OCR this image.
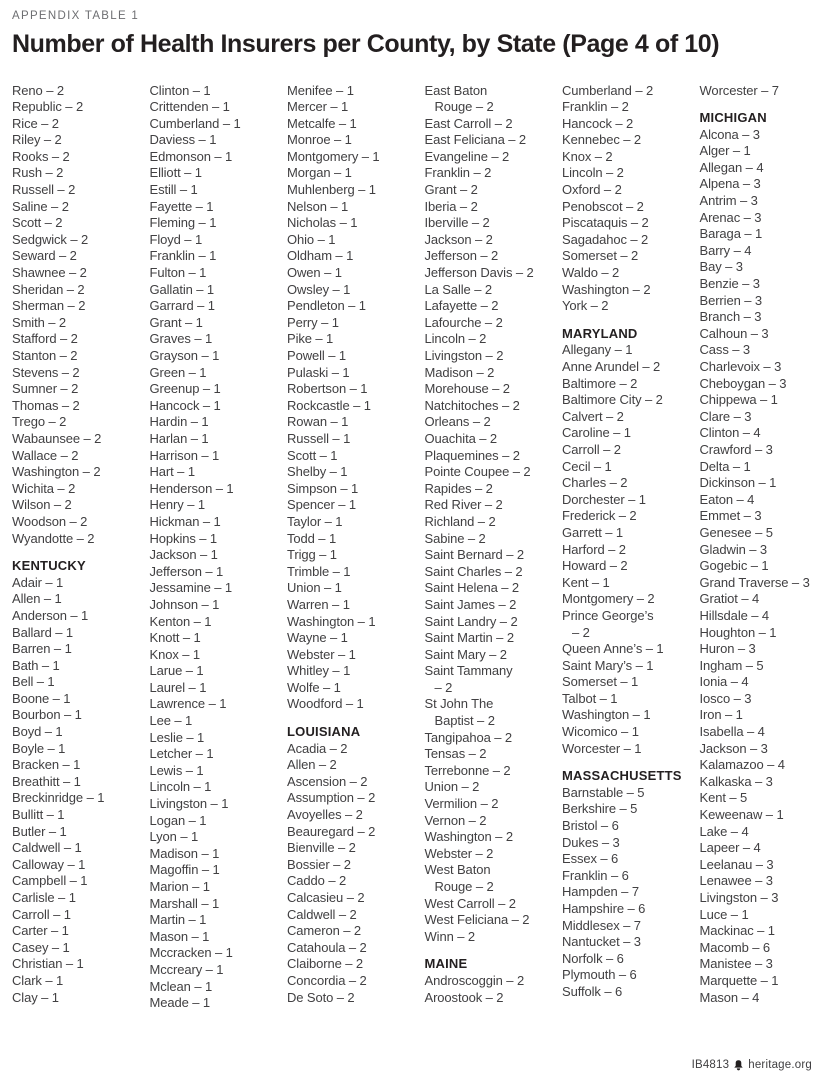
APPENDIX TABLE 1
Number of Health Insurers per County, by State (Page 4 of 10)
Reno – 2
Republic – 2
Rice – 2
Riley – 2
Rooks – 2
Rush – 2
Russell – 2
Saline – 2
Scott – 2
Sedgwick – 2
Seward – 2
Shawnee – 2
Sheridan – 2
Sherman – 2
Smith – 2
Stafford – 2
Stanton – 2
Stevens – 2
Sumner – 2
Thomas – 2
Trego – 2
Wabaunsee – 2
Wallace – 2
Washington – 2
Wichita – 2
Wilson – 2
Woodson – 2
Wyandotte – 2
KENTUCKY
Adair – 1
Allen – 1
Anderson – 1
Ballard – 1
Barren – 1
Bath – 1
Bell – 1
Boone – 1
Bourbon – 1
Boyd – 1
Boyle – 1
Bracken – 1
Breathitt – 1
Breckinridge – 1
Bullitt – 1
Butler – 1
Caldwell – 1
Calloway – 1
Campbell – 1
Carlisle – 1
Carroll – 1
Carter – 1
Casey – 1
Christian – 1
Clark – 1
Clay – 1
Clinton – 1
Crittenden – 1
Cumberland – 1
Daviess – 1
Edmonson – 1
Elliott – 1
Estill – 1
Fayette – 1
Fleming – 1
Floyd – 1
Franklin – 1
Fulton – 1
Gallatin – 1
Garrard – 1
Grant – 1
Graves – 1
Grayson – 1
Green – 1
Greenup – 1
Hancock – 1
Hardin – 1
Harlan – 1
Harrison – 1
Hart – 1
Henderson – 1
Henry – 1
Hickman – 1
Hopkins – 1
Jackson – 1
Jefferson – 1
Jessamine – 1
Johnson – 1
Kenton – 1
Knott – 1
Knox – 1
Larue – 1
Laurel – 1
Lawrence – 1
Lee – 1
Leslie – 1
Letcher – 1
Lewis – 1
Lincoln – 1
Livingston – 1
Logan – 1
Lyon – 1
Madison – 1
Magoffin – 1
Marion – 1
Marshall – 1
Martin – 1
Mason – 1
Mccracken – 1
Mccreary – 1
Mclean – 1
Meade – 1
Menifee – 1
Mercer – 1
Metcalfe – 1
Monroe – 1
Montgomery – 1
Morgan – 1
Muhlenberg – 1
Nelson – 1
Nicholas – 1
Ohio – 1
Oldham – 1
Owen – 1
Owsley – 1
Pendleton – 1
Perry – 1
Pike – 1
Powell – 1
Pulaski – 1
Robertson – 1
Rockcastle – 1
Rowan – 1
Russell – 1
Scott – 1
Shelby – 1
Simpson – 1
Spencer – 1
Taylor – 1
Todd – 1
Trigg – 1
Trimble – 1
Union – 1
Warren – 1
Washington – 1
Wayne – 1
Webster – 1
Whitley – 1
Wolfe – 1
Woodford – 1
LOUISIANA
Acadia – 2
Allen – 2
Ascension – 2
Assumption – 2
Avoyelles – 2
Beauregard – 2
Bienville – 2
Bossier – 2
Caddo – 2
Calcasieu – 2
Caldwell – 2
Cameron – 2
Catahoula – 2
Claiborne – 2
Concordia – 2
De Soto – 2
East Baton
Rouge – 2
East Carroll – 2
East Feliciana – 2
Evangeline – 2
Franklin – 2
Grant – 2
Iberia – 2
Iberville – 2
Jackson – 2
Jefferson – 2
Jefferson Davis – 2
La Salle – 2
Lafayette – 2
Lafourche – 2
Lincoln – 2
Livingston – 2
Madison – 2
Morehouse – 2
Natchitoches – 2
Orleans – 2
Ouachita – 2
Plaquemines – 2
Pointe Coupee – 2
Rapides – 2
Red River – 2
Richland – 2
Sabine – 2
Saint Bernard – 2
Saint Charles – 2
Saint Helena – 2
Saint James – 2
Saint Landry – 2
Saint Martin – 2
Saint Mary – 2
Saint Tammany
– 2
St John The
Baptist – 2
Tangipahoa – 2
Tensas – 2
Terrebonne – 2
Union – 2
Vermilion – 2
Vernon – 2
Washington – 2
Webster – 2
West Baton
Rouge – 2
West Carroll – 2
West Feliciana – 2
Winn – 2
MAINE
Androscoggin – 2
Aroostook – 2
Cumberland – 2
Franklin – 2
Hancock – 2
Kennebec – 2
Knox – 2
Lincoln – 2
Oxford – 2
Penobscot – 2
Piscataquis – 2
Sagadahoc – 2
Somerset – 2
Waldo – 2
Washington – 2
York – 2
MARYLAND
Allegany – 1
Anne Arundel – 2
Baltimore – 2
Baltimore City – 2
Calvert – 2
Caroline – 1
Carroll – 2
Cecil – 1
Charles – 2
Dorchester – 1
Frederick – 2
Garrett – 1
Harford – 2
Howard – 2
Kent – 1
Montgomery – 2
Prince George’s
– 2
Queen Anne’s – 1
Saint Mary’s – 1
Somerset – 1
Talbot – 1
Washington – 1
Wicomico – 1
Worcester – 1
MASSACHUSETTS
Barnstable – 5
Berkshire – 5
Bristol – 6
Dukes – 3
Essex – 6
Franklin – 6
Hampden – 7
Hampshire – 6
Middlesex – 7
Nantucket – 3
Norfolk – 6
Plymouth – 6
Suffolk – 6
Worcester – 7
MICHIGAN
Alcona – 3
Alger – 1
Allegan – 4
Alpena – 3
Antrim – 3
Arenac – 3
Baraga – 1
Barry – 4
Bay – 3
Benzie – 3
Berrien – 3
Branch – 3
Calhoun – 3
Cass – 3
Charlevoix – 3
Cheboygan – 3
Chippewa – 1
Clare – 3
Clinton – 4
Crawford – 3
Delta – 1
Dickinson – 1
Eaton – 4
Emmet – 3
Genesee – 5
Gladwin – 3
Gogebic – 1
Grand Traverse – 3
Gratiot – 4
Hillsdale – 4
Houghton – 1
Huron – 3
Ingham – 5
Ionia – 4
Iosco – 3
Iron – 1
Isabella – 4
Jackson – 3
Kalamazoo – 4
Kalkaska – 3
Kent – 5
Keweenaw – 1
Lake – 4
Lapeer – 4
Leelanau – 3
Lenawee – 3
Livingston – 3
Luce – 1
Mackinac – 1
Macomb – 6
Manistee – 3
Marquette – 1
Mason – 4
IB4813 heritage.org
